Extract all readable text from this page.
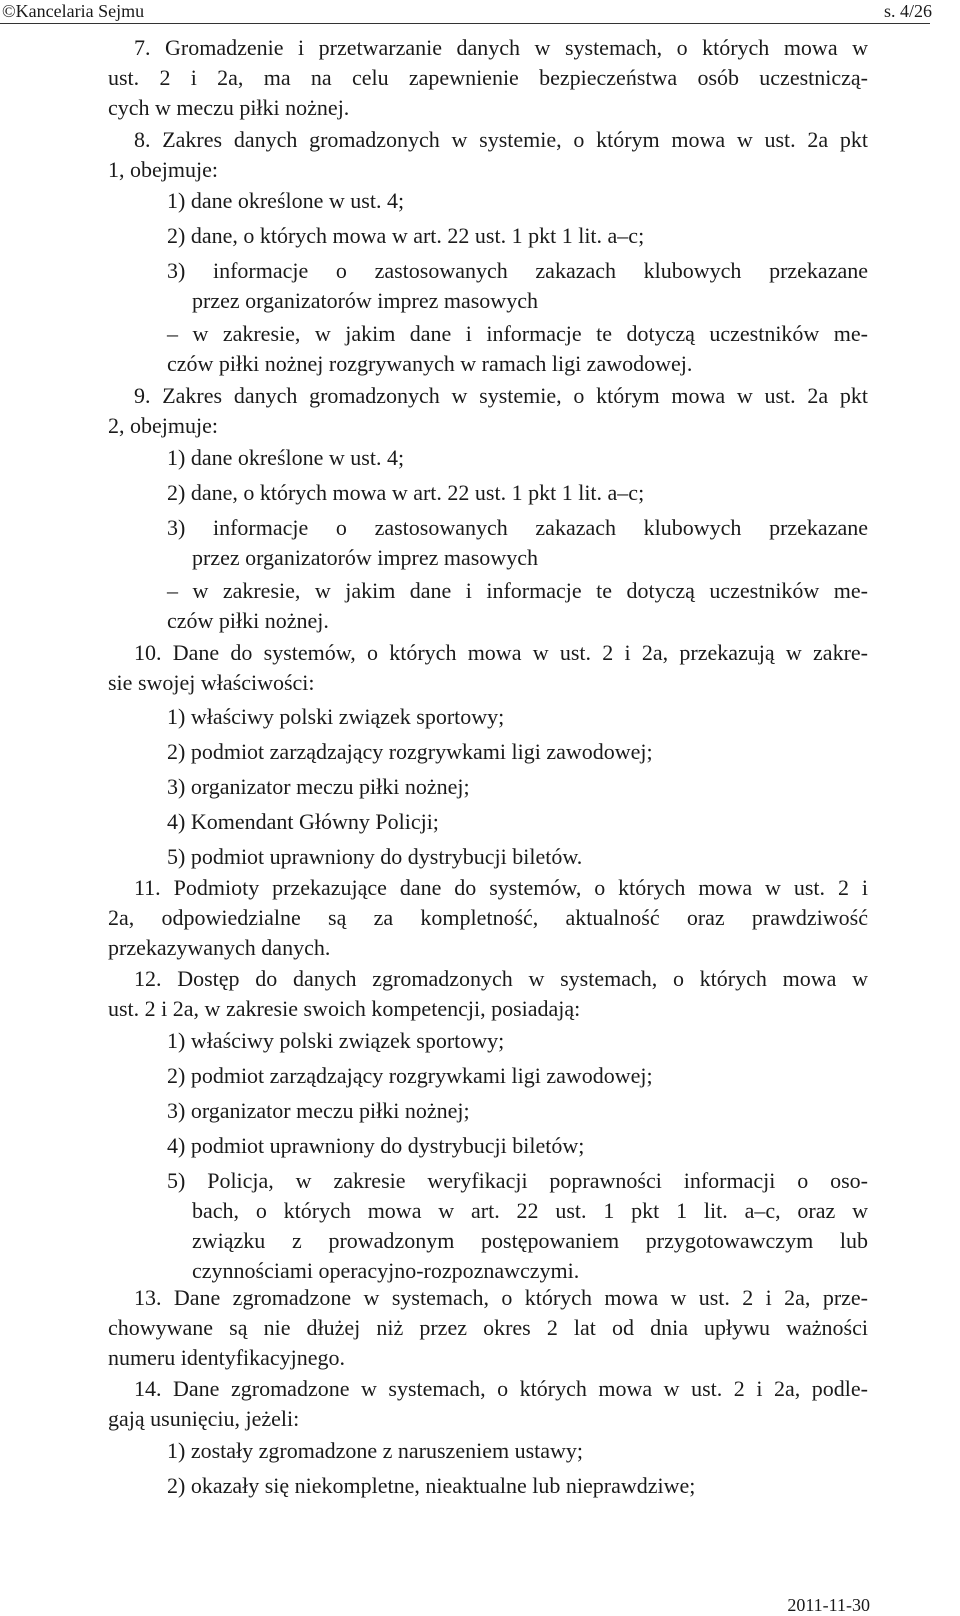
©Kancelaria Sejmu	s. 4/26

7. Gromadzenie i przetwarzanie danych w systemach, o których mowa w
ust. 2 i 2a, ma na celu zapewnienie bezpieczeństwa osób uczestniczą-
cych w meczu piłki nożnej.

8. Zakres danych gromadzonych w systemie, o którym mowa w ust. 2a pkt
1, obejmuje:

1) dane określone w ust. 4;

2) dane, o których mowa w art. 22 ust. 1 pkt 1 lit. a–c;

3) informacje o zastosowanych zakazach klubowych przekazane
przez organizatorów imprez masowych

– w zakresie, w jakim dane i informacje te dotyczą uczestników me-
czów piłki nożnej rozgrywanych w ramach ligi zawodowej.

9. Zakres danych gromadzonych w systemie, o którym mowa w ust. 2a pkt
2, obejmuje:

1) dane określone w ust. 4;

2) dane, o których mowa w art. 22 ust. 1 pkt 1 lit. a–c;

3) informacje o zastosowanych zakazach klubowych przekazane
przez organizatorów imprez masowych

– w zakresie, w jakim dane i informacje te dotyczą uczestników me-
czów piłki nożnej.

10. Dane do systemów, o których mowa w ust. 2 i 2a, przekazują w zakre-
sie swojej właściwości:

1) właściwy polski związek sportowy;

2) podmiot zarządzający rozgrywkami ligi zawodowej;

3) organizator meczu piłki nożnej;

4) Komendant Główny Policji;

5) podmiot uprawniony do dystrybucji biletów.

11. Podmioty przekazujące dane do systemów, o których mowa w ust. 2 i
2a, odpowiedzialne są za kompletność, aktualność oraz prawdziwość
przekazywanych danych.

12. Dostęp do danych zgromadzonych w systemach, o których mowa w
ust. 2 i 2a, w zakresie swoich kompetencji, posiadają:

1) właściwy polski związek sportowy;

2) podmiot zarządzający rozgrywkami ligi zawodowej;

3) organizator meczu piłki nożnej;

4) podmiot uprawniony do dystrybucji biletów;

5) Policja, w zakresie weryfikacji poprawności informacji o oso-
bach, o których mowa w art. 22 ust. 1 pkt 1 lit. a–c, oraz w
związku z prowadzonym postępowaniem przygotowawczym lub
czynnościami operacyjno-rozpoznawczymi.

13. Dane zgromadzone w systemach, o których mowa w ust. 2 i 2a, prze-
chowywane są nie dłużej niż przez okres 2 lat od dnia upływu ważności
numeru identyfikacyjnego.

14. Dane zgromadzone w systemach, o których mowa w ust. 2 i 2a, podle-
gają usunięciu, jeżeli:

1) zostały zgromadzone z naruszeniem ustawy;

2) okazały się niekompletne, nieaktualne lub nieprawdziwe;

2011-11-30
